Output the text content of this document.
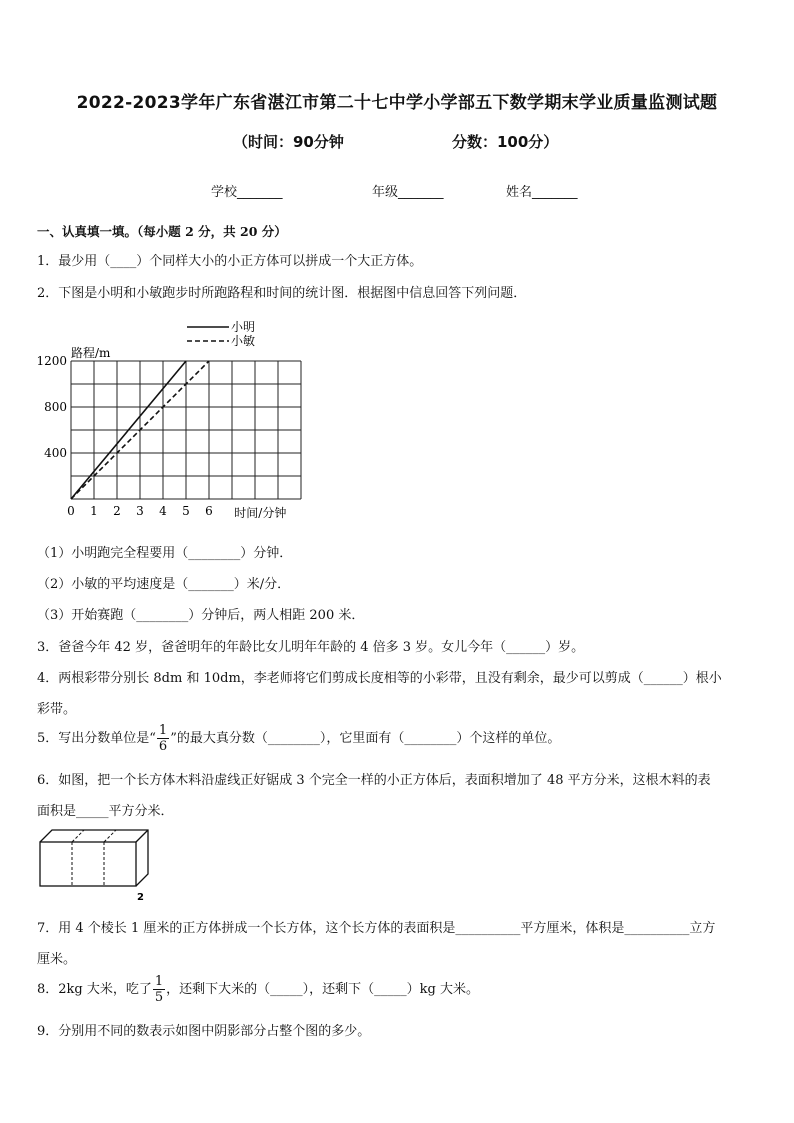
2022-2023学年广东省湛江市第二十七中学小学部五下数学期末学业质量监测试题
（时间：90分钟	分数：100分）
学校_______	年级_______	姓名_______
一、认真填一填。（每小题 2 分，共 20 分）
1．最少用（____）个同样大小的小正方体可以拼成一个大正方体。
2．下图是小明和小敏跑步时所跑路程和时间的统计图．根据图中信息回答下列问题．
0 1 2 3 4 5 6
400
800
1200
时间/分钟
路程/m
小明
小敏
（1）小明跑完全程要用（________）分钟．
（2）小敏的平均速度是（_______）米/分．
（3）开始赛跑（________）分钟后，两人相距 200 米．
3．爸爸今年 42 岁，爸爸明年的年龄比女儿明年年龄的 4 倍多 3 岁。女儿今年（______）岁。
4．两根彩带分别长 8dm 和 10dm，李老师将它们剪成长度相等的小彩带，且没有剩余，最少可以剪成（______）根小
彩带。
5．写出分数单位是“ $\frac{1}{6}$ ”的最大真分数（________），它里面有（________）个这样的单位。
6．如图，把一个长方体木料沿虚线正好锯成 3 个完全一样的小正方体后，表面积增加了 48 平方分米，这根木料的表
面积是_____平方分米．
2
7．用 4 个棱长 1 厘米的正方体拼成一个长方体，这个长方体的表面积是__________平方厘米，体积是__________立方
厘米。
8．2kg 大米，吃了 $\frac{1}{5}$ ，还剩下大米的（_____），还剩下（_____）kg 大米。
9．分别用不同的数表示如图中阴影部分占整个图的多少。
